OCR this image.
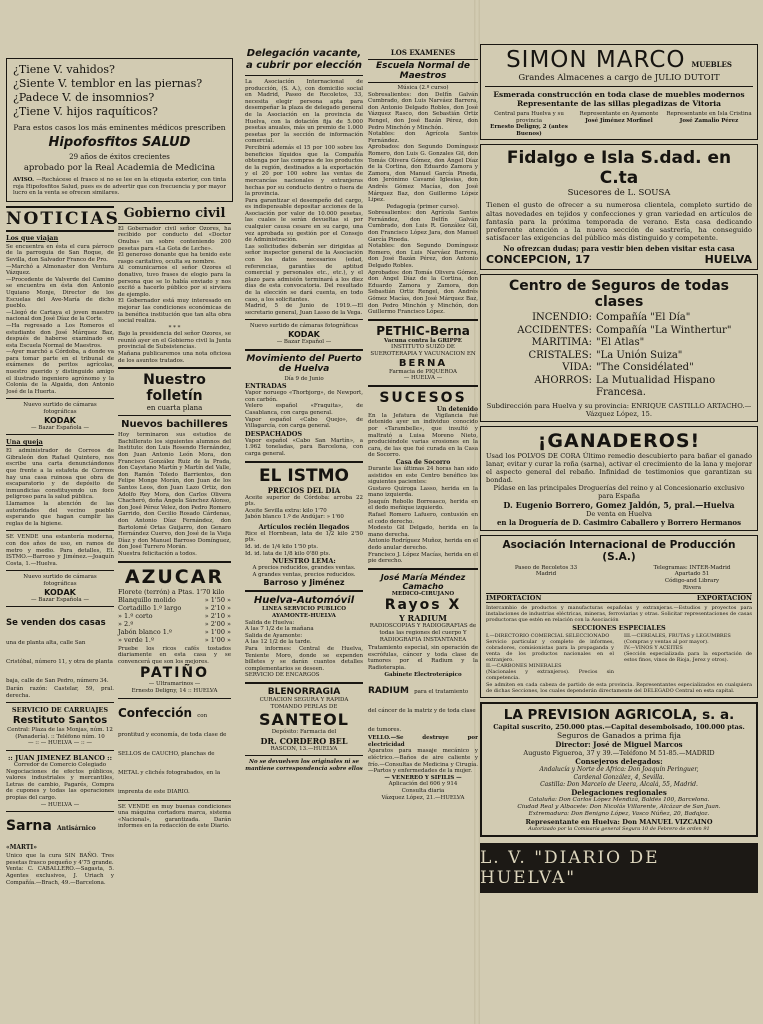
¿Tiene V. vahidos?
¿Siente V. temblor en las piernas?
¿Padece V. de insomnios?
¿Tiene V. hijos raquíticos?
Para estos casos los más eminentes médicos prescriben
Hipofosfitos SALUD
29 años de éxitos crecientes
aprobado por la Real Academia de Medicina

AVISO. —Rechácese el frasco si no se lee en la etiqueta exterior, con tinta roja Hipofosfitos Salud, pues es de advertir que con frecuencia y por mayor lucro en la venta se ofrecen similares.

NOTICIAS
Los que viajan

Se encuentra en ésta el cura párroco de la parroquia de San Roque, de Sevilla, don Salvador Franco de Pro.

—Marchó a Almonaster don Ventura Vázquez.

—Procedente de Valverde del Camino se encuentra en ésta don Antonio Uquiano Monje, Director de los Escuelas del Ave-María de dicho pueblo.

—Llegó de Cartaya el joven maestro nacional don José Díaz de la Corte.

—Ha regresado a Los Romeros el estudiante don José Márquez Baz, después de haberse examinado en esta Escuela Normal de Maestros.

—Ayer marchó a Córdoba, a donde va para tomar parte en el tribunal de exámenes de peritos agrícolas, nuestro querido y distinguido amigo el ilustrado ingeniero agrónomo y la Colonia de la Algaida, don Antonio José de la Huerta.

Nuevo surtido de cámaras fotográficas
KODAK
— Bazar Española —
Una queja

El administrador de Correos de Gibraleón don Rafael Quintero, nos escribe una carta denunciándonos que frente a la estafeta de Correos hay una casa ruinosa que obra de escaparatorio y de depósito de inmundicias constituyendo un foco peligroso para la salud pública.

Llamamos la atención de las autoridades del vecino pueblo esperando que hagan cumplir las reglas de la higiene.

SE VENDE una estantería moderna, con dos años de uso, en ramos de metro y medio. Para detalles, EL ISTMO.—Barroso y Jiménez.—Joaquín Costa, 1.—Huelva.

Nuevo surtido de cámaras fotográficas
KODAK
— Bazar Española —
Se venden dos casas una de planta alta, calle San Cristóbal, número 11, y otra de planta baja, calle de San Pedro, número 34.

Darán razón: Castelar, 59, pral. derecha.

SERVICIO DE CARRUAJES
Restituto Santos

Central: Plaza de las Monjas, núm. 12 (Panadería). :: Teléfono núm. 10

— :: — HUELVA — :: —

:: JUAN JIMENEZ BLANCO ::
Corredor de Comercio Colegiado

Negociaciones de efectos públicos, valores industriales y mercantiles, Letras de cambio, Pagarés, Compra de cupones y todas las operaciones propias del cargo.

— HUELVA —
Sarna Antisárnico «MARTI»

Unico que la cura SIN BAÑO. Tres pesetas frasco pequeño y 4'75 grande.

Venta: C. CABALLERO.—Sagasta, 5. Agentes exclusivos, J. Uriach y Compañía.—Brach, 49.—Barcelona.

Gobierno civil

El Gobernador civil señor Ozores, ha recibido por conducto del «Doctor Onuba» un sobre conteniendo 200 pesetas para «La Gota de Leche».

El generoso donante que ha tenido este rasgo caritativo, oculta su nombre.

Al comunicarnos el señor Ozores el donativo, tuvo frases de elogio para la persona que se lo había enviado y nos excitó a hacerlo público por si sirviera de ejemplo.

El Gobernador está muy interesado en mejorar las condiciones económicas de la benéfica institución que tan alta obra social realiza.

* * *

Bajo la presidencia del señor Ozores, se reunió ayer en el Gobierno civil la Junta provincial de Subsistencias.

Mañana publicaremos una nota oficiosa de los asuntos tratados.

Nuestro folletín
en cuarta plana
Nuevos bachilleres

Hoy terminaron sus estudios de Bachillerato los siguientes alumnos del Instituto: don Luis Rosendo Hernández, don Juan Antonio León Mora, don Francisco González Ruiz de la Prada, don Cayetano Martín y Martín del Valle, don Ramón Toledo Barrientos, don Felipe Monge Morán, don Juan de los Santos Leos, don Juan Lazo Ortiz, don Adolfo Rey Mora, don Carlos Olivera Chacheró, doña Ángela Sánchez Alonso, don José Pérez Velez, don Pedro Romero Garrido, don Cecilio Rosado Cárdenas, don Antonio Díaz Fernández, don Bartolomé Ortas Guijarro, don Genaro Hernández Cuervo, don José de la Vieja Díaz y don Manuel Barroso Domínguez, don José Turrero Morán.

Nuestra felicitación a todos.

AZUCAR
Florete (terrón) a Ptas. 1'70 kilo
Blanquillo molido	» 1'50 »
Cortadillo 1.º largo	» 2'10 »
» 1.º corto	» 2'10 »
» 2.º	» 2'00 »
Jabón blanco 1.º	» 1'00 »
» verde 1.º	» 1'00 »

Pruebe los ricos cafés tostados diariamente en esta casa y se convencerá que son los mejores.

PATIÑO
— Ultramarinos —
Ernesto Deligny, 14 :: HUELVA
Confección con prontitud y economía, de toda clase de SELLOS de CAUCHO, planchas de METAL y clichés fotograbados, en la imprenta de este DIARIO.

SE VENDE en muy buenas condiciones una máquina cortadora marca, sistema «Nacional», garantizada. Darán informes en la redacción de este Diario.

Delegación vacante, a cubrir por elección

La Asociación Internacional de producción, (S. A.), con domicilio social en Madrid, Paseo de Recoletos, 33, necesita elegir persona apta para desempeñar la plaza de delegado general de la Asociación en la provincia de Huelva, con la dotación fija de 5.000 pesetas anuales, más un premio de 1.000 pesetas por la sección de información comercial.

Percibirá además el 15 por 100 sobre los beneficios líquidos que la Compañía obtenga por las compras de los productos de la región, destinados a la exportación y el 20 por 100 sobre las ventas de mercancías nacionales y extranjeras hechas por su conducto dentro o fuera de la provincia.

Para garantizar el desempeño del cargo, es indispensable depositar acciones de la Asociación por valor de 10.000 pesetas, las cuales le serán devueltas si por cualquier causa cesare en su cargo, una vez aprobada su gestión por el Consejo de Administración.

Las solicitudes deberán ser dirigidas al señor inspector general de la Asociación con los datos necesarios (edad, referencias, garantías de aptitud comercial y personales etc., etc.), y el plazo para admisión terminará a los diez días de esta convocatoria. Del resultado de la elección se dará cuenta, en todo caso, a los solicitantes.

Madrid, 5 de Junio de 1919.—El secretario general, Juan Lasso de la Vega.

Nuevo surtido de cámaras fotográficas
KODAK
— Bazar Español —
Movimiento del Puerto de Huelva
Día 9 de Junio
ENTRADAS

Vapor noruego «Thorbjorg», de Newport, con carbón.
Velero español «Fraquita», de Casablanca, con carga general.
Vapor español «Cabo Quejo», de Villagarcía, con carga general.

DESPACHADOS

Vapor español «Cabo San Martín», a 1.962 toneladas, para Barcelona, con carga general.

EL ISTMO
PRECIOS DEL DIA
Aceite superior de Córdoba: arroba 22 pts.
Aceite Sevilla extra: kilo 1'70
Jabón blanco 1.º de Andújar: » 1'60
Artículos recién llegados

Rice el Hornbean, lata de 1/2 kilo 2'50 pts.
Id. id. de 1/4 kilo 1'50 pts.
Id. id. lata de 1/8 kilo 0'80 pts.

NUESTRO LEMA:

A precios reducidos, grandes ventas.
A grandes ventas, precios reducidos.

Barroso y Jiménez
Huelva-Automóvil
LINEA SERVICIO PUBLICO
AYAMONTE-HUELVA

Salida de Huelva:
A las 7 1/2 de la mañana
Salida de Ayamonte:
A las 12 1/2 de la tarde.
Para informes: Central de Huelva, Teniente Moro, donde se expenden billetes y se darán cuantos detalles complementarios se deseen.
SERVICIO DE ENCARGOS

BLENORRAGIA
CURACION SEGURA Y RAPIDA TOMANDO PERLAS DE
SANTEOL
Depósito: Farmacia del
DR. CORDERO BEL
RASCON, 13.—HUELVA

No se devuelven los originales ni se mantiene correspondencia sobre ellos

LOS EXAMENES
Escuela Normal de Maestros
Música (2.º curso)

Sobresalientes: don Delfín Galván Cumbrado, don Luis Narváez Barrera, don Antonio Delgado Robles, don José Vázquez Rasco, don Sebastián Ortiz Rengel, don José Bazán Pérez, don Pedro Minchón y Minchón.

Notables: don Agrícola Santos Fernández.

Aprobados: don Segundo Domínguez Romero, don Luis G. Gonzales Gil, don Tomás Olivera Gómez, don Ángel Díaz de la Cortina, don Eduardo Zamora y Zamora, don Manuel García Pineda, don Jerónimo Cavamé Iglesias, don Andrés Gómez Macías, don José Márquez Baz, don Guillermo López Lipez.

Pedagogía (primer curso).

Sobresalientes: don Agrícola Santos Fernández, don Delfín Galván Cumbrado, don Luis R. González Gil, don Francisco López Jara, don Manuel García Pineda.

Notables: don Segundo Domínguez Romero, don Luis Narváez Barrera, don José Bazán Pérez, don Antonio Delgado Robles.

Aprobados: don Tomás Olivera Gómez, don Ángel Díaz de la Cortina, don Eduardo Zamora y Zamora, don Sebastián Ortiz Rengel, don Andrés Gómez Macías, don José Márquez Baz, don Pedro Minchón y Minchón, don Guillermo Francisco López.

PETHIC-Berna
Vacuna contra la GRIPPE
INSTITUTO SUIZO DE SUEROTERAPIA Y VACUNACION EN
BERNA
Farmacia de PIQUEROA
— HUELVA —
SUCESOS
Un detenido

En la Jefatura de Vigilancia fué detenido ayer un individuo conocido por «Tarambelle», que insultó y maltrató a Luisa Moreno Nieto, produciéndole varias erosiones en la cara, de las que fué curada en la Casa de Socorro.

Casa de Socorro

Durante las últimas 24 horas han sido asistidos en este Centro benéfico los siguientes pacientes:

Gustavo Quiroga Lasso, herida en la mano izquierda.

Joaquín Rebollo Borreasco, herida en el dedo meñique izquierdo.

Rafael Romero Lafuero, contusión en el codo derecho.

Modesto Gil Delgado, herida en la mano derecha.

Antonio Rodríguez Muñoz, herida en el dedo anular derecho.

Francisco J. López Macías, herida en el pie derecho.

José María Méndez Camacho
MEDICO-CIRUJANO
Rayos X
Y RADIUM
RADIOSCOPIAS Y RADIOGRAFIAS de todas las regiones del cuerpo Y RADIOGRAFIA INSTANTANEA

Tratamiento especial, sin operación de escrófulas, cáncer y toda clase de tumores por el Radium y la Radioterapia.

Gabinete Electroterápico
RADIUM para el tratamiento del cáncer de la matriz y de toda clase de tumores.
VELLO.—Se destruye por electricidad

Aparatos para masaje mecánico y eléctrico.—Baños de aire caliente y frío.—Consultas de Medicina y Cirugía.—Partos y enfermedades de la mujer.

— VENEREO Y SIFILIS —
Aplicación del 606 y 914
Consulta diaria
Vázquez López, 21.—HUELVA
SIMON MARCO MUEBLES
Grandes Almacenes a cargo de JULIO DUTOIT
Esmerada construcción en toda clase de muebles modernos
Representante de las sillas plegadizas de Vitoria
Central para Huelva y su provincia
Ernesto Deligny, 2 (antes Buenos)
Representante en Ayamonte
José Jiménez Morfinel
Representante en Isla Cristina
José Zamalio Pérez
Fidalgo e Isla S.dad. en C.ta
Sucesores de L. SOUSA

Tienen el gusto de ofrecer a su numerosa clientela, completo surtido de altas novedades en tejidos y confecciones y gran variedad en artículos de fantasía para la próxima temporada de verano. Esta casa dedicando preferente atención a la nueva sección de sastrería, ha conseguido satisfacer las exigencias del público más distinguido y competente.

No ofrezcan dudas; para vestir bien deben visitar esta casa
CONCEPCION, 17	HUELVA
Centro de Seguros de todas clases
INCENDIO: Compañía "El Día"
ACCIDENTES: Compañía "La Winthertur"
MARITIMA: "El Atlas"
CRISTALES: "La Unión Suiza"
VIDA: "The Considélated"
AHORROS: La Mutualidad Hispano Francesa.
Subdirección para Huelva y su provincia: ENRIQUE CASTILLO ARTACHO.—Vázquez López, 15.
¡GANADEROS!

Usad los POLVOS DE CORA Último remedio descubierto para bañar el ganado lanar, evitar y curar la roña (sarna), activar el crecimiento de la lana y mejorar el aspecto general del rebaño. Infinidad de testimonios que garantizan su bondad.

Pídase en las principales Droguerías del reino y al Concesionario exclusivo para España
D. Eugenio Borrero, Gomez Jaldón, 5, pral.—Huelva
De venta en Huelva
en la Droguería de D. Casimiro Caballero y Borrero Hermanos
Asociación Internacional de Producción (S.A.)
Paseo de Recoletos 33
Madrid
Telegramas: INTER-Madrid
Apartado 51
Código-and Library
Rivera
IMPORTACION	EXPORTACION

Intercambio de productos y manufacturas españolas y extranjeras.—Estudios y proyectos para instalaciones de industrias eléctricas, mineras, ferroviarias y otras. Solicitar representaciones de casas productoras que estén en relación con la Asociación

SECCIONES ESPECIALES

I.—DIRECTORIO COMERCIAL SELECCIONADO
Servicio particular y completo de informes, cobradores, comisionistas para la propaganda y venta de los productos nacionales en el extranjero.
II.—CARBONES MINERALES
(Nacionales y extranjeros). Precios sin competencia.

III.—CEREALES, FRUTAS y LEGUMBRES
(Compras y ventas al por mayor).
IV.—VINOS Y ACEITES
(Sección especializada para la exportación de estos finos, vinos de Rioja, Jerez y otros).

Se admiten en cada cabeza de partido de esta provincia. Representantes especializados en cualquiera de dichas Secciones, los cuales dependerán directamente del DELEGADO Central en esta capital.

LA PREVISION AGRICOLA, s. a.
Capital suscrito, 250.000 ptas.—Capital desembolsado, 100.000 ptas.
Seguros de Ganados a prima fija
Director: José de Miguel Marcos
Augusto Figueroa, 37 y 39.—Teléfono M 51-85.—MADRID
Consejeros delegados:
Andalucía y Norte de Africa: Don Joaquín Peringuer,
Cardenal González, 4, Sevilla.
Castilla: Don Marcelo de Ueera, Alcalá, 55, Madrid.
Delegaciones regionales
Cataluña: Don Carlos López Mendizá, Baldés 100, Barcelona.
Ciudad Real y Albacete: Don Nicolás Villarente, Alcázar de San Juan.
Extremadura: Don Benigno López, Vasco Núñez, 20, Badajoz.
Representante en Huelva: Don MANUEL VIZCAINO
Autorizado por la Comisaría general Segura 10 de Febrero de orden 91
L. V. "DIARIO DE HUELVA"
